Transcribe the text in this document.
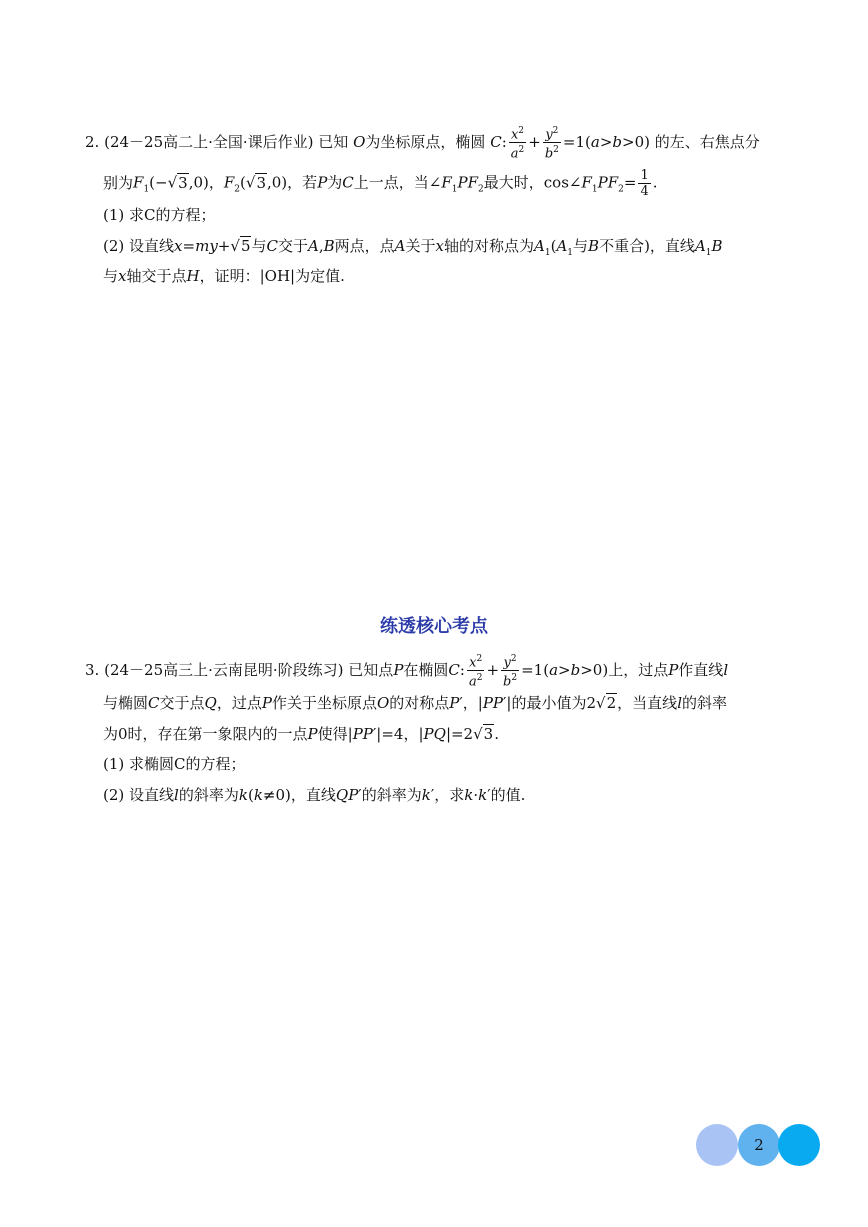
2. (24－25高二上·全国·课后作业) 已知 O为坐标原点，椭圆 C: $\frac{x^2}{a^2} + \frac{y^2}{b^2} =1(a>b>0)$ 的左、右焦点分
别为$F_1(-√3,0)$，$F_2(√3,0)$，若P为C上一点，当$\angle F_1PF_2$最大时，$\cos\angle F_1PF_2= \frac{1}{4}$ .
(1) 求C的方程；
(2) 设直线x=my+√5与C交于A,B两点，点A关于x轴的对称点为$A_1(A_1$与B不重合)，直线$A_1B$
与x轴交于点H，证明：|OH|为定值.
练透核心考点
3. (24－25高三上·云南昆明·阶段练习) 已知点P在椭圆C: $\frac{x^2}{a^2} + \frac{y^2}{b^2} =1(a>b>0)$上，过点P作直线l
与椭圆C交于点Q，过点P作关于坐标原点O的对称点P′，|PP′|的最小值为2√2，当直线l的斜率
为0时，存在第一象限内的一点P使得|PP′|=4，|PQ|=2√3.
(1) 求椭圆C的方程；
(2) 设直线l的斜率为k(k≠0)，直线QP′的斜率为k′，求k·k′的值.
2
